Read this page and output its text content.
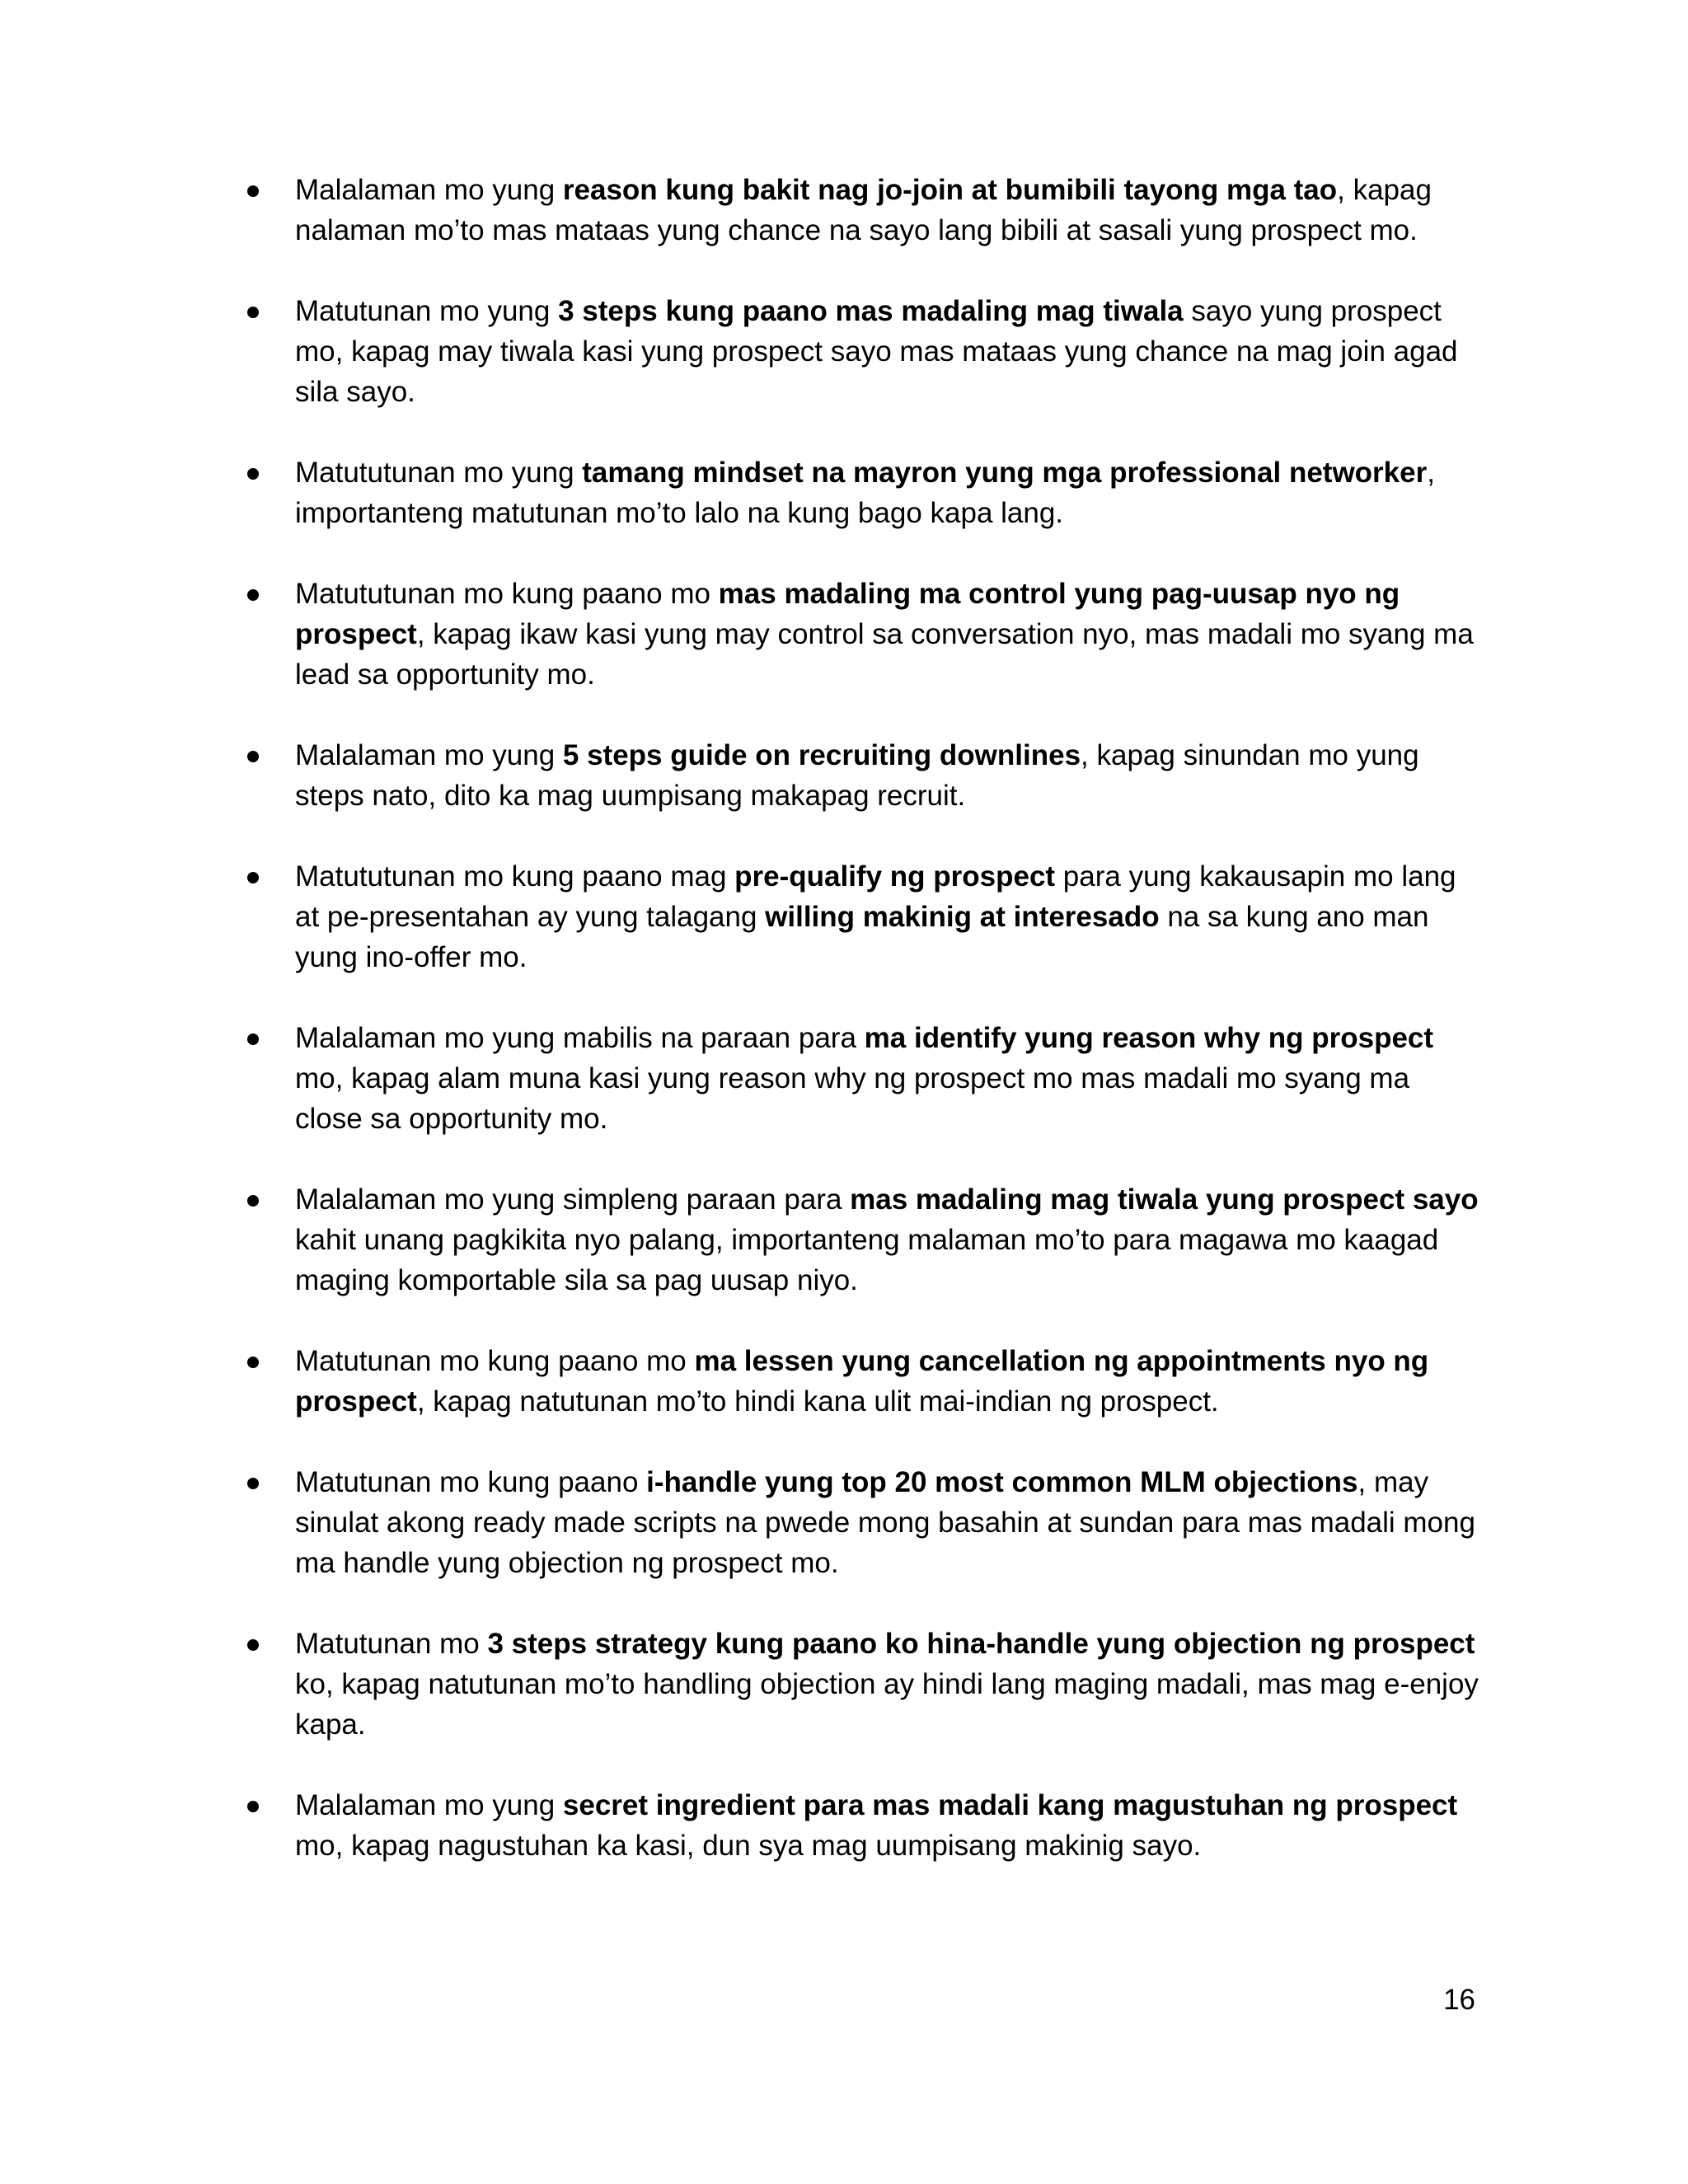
Malalaman mo yung reason kung bakit nag jo-join at bumibili tayong mga tao, kapag nalaman mo’to mas mataas yung chance na sayo lang bibili at sasali yung prospect mo.
Matutunan mo yung 3 steps kung paano mas madaling mag tiwala sayo yung prospect mo, kapag may tiwala kasi yung prospect sayo mas mataas yung chance na mag join agad sila sayo.
Matututunan mo yung tamang mindset na mayron yung mga professional networker, importanteng matutunan mo’to lalo na kung bago kapa lang.
Matututunan mo kung paano mo mas madaling ma control yung pag-uusap nyo ng prospect, kapag ikaw kasi yung may control sa conversation nyo, mas madali mo syang ma lead sa opportunity mo.
Malalaman mo yung 5 steps guide on recruiting downlines, kapag sinundan mo yung steps nato, dito ka mag uumpisang makapag recruit.
Matututunan mo kung paano mag pre-qualify ng prospect para yung kakausapin mo lang at pe-presentahan ay yung talagang willing makinig at interesado na sa kung ano man yung ino-offer mo.
Malalaman mo yung mabilis na paraan para ma identify yung reason why ng prospect mo, kapag alam muna kasi yung reason why ng prospect mo mas madali mo syang ma close sa opportunity mo.
Malalaman mo yung simpleng paraan para mas madaling mag tiwala yung prospect sayo kahit unang pagkikita nyo palang, importanteng malaman mo’to para magawa mo kaagad maging komportable sila sa pag uusap niyo.
Matutunan mo kung paano mo ma lessen yung cancellation ng appointments nyo ng prospect, kapag natutunan mo’to hindi kana ulit mai-indian ng prospect.
Matutunan mo kung paano i-handle yung top 20 most common MLM objections, may sinulat akong ready made scripts na pwede mong basahin at sundan para mas madali mong ma handle yung objection ng prospect mo.
Matutunan mo 3 steps strategy kung paano ko hina-handle yung objection ng prospect ko, kapag natutunan mo’to handling objection ay hindi lang maging madali, mas mag e-enjoy kapa.
Malalaman mo yung secret ingredient para mas madali kang magustuhan ng prospect mo, kapag nagustuhan ka kasi, dun sya mag uumpisang makinig sayo.
16
